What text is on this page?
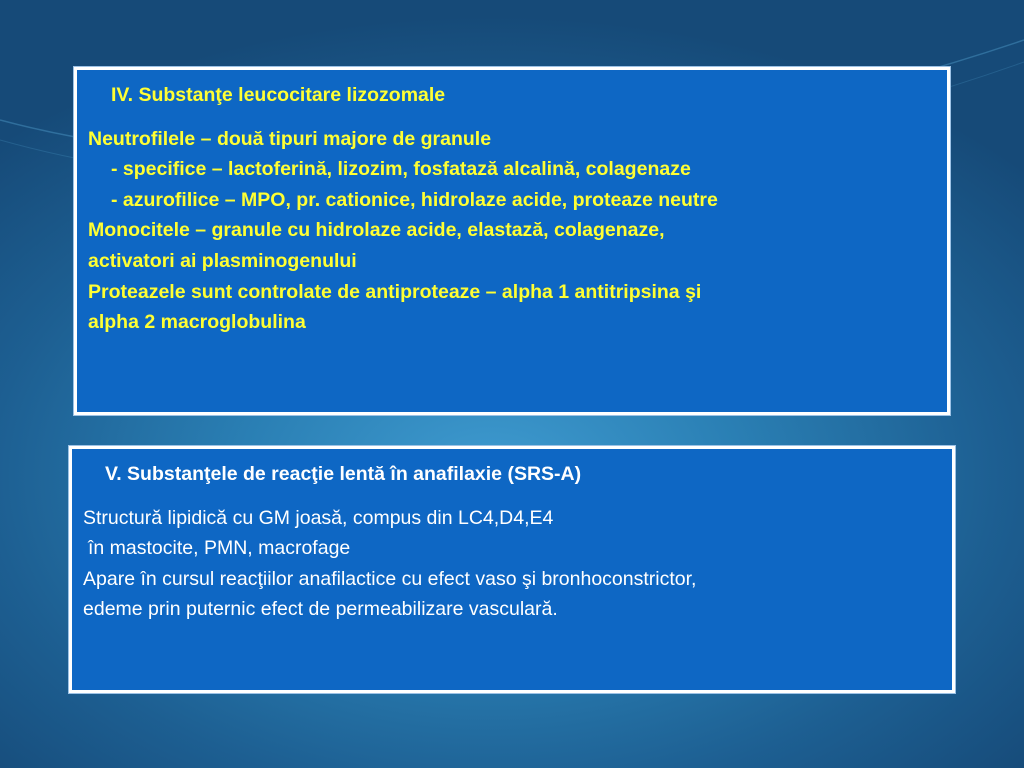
IV. Substanţe leucocitare lizozomale
Neutrofilele – două tipuri majore de granule
- specifice – lactoferină, lizozim, fosfatază alcalină, colagenaze
- azurofilice – MPO, pr. cationice, hidrolaze acide, proteaze neutre
Monocitele – granule cu hidrolaze acide, elastază, colagenaze,
activatori ai plasminogenului
Proteazele sunt controlate de antiproteaze – alpha 1 antitripsina şi
alpha 2 macroglobulina
V. Substanţele de reacţie lentă în anafilaxie (SRS-A)
Structură lipidică cu GM joasă, compus din LC4,D4,E4
în mastocite, PMN, macrofage
Apare în cursul reacţiilor anafilactice cu efect vaso şi bronhoconstrictor,
edeme prin puternic efect de permeabilizare vasculară.
